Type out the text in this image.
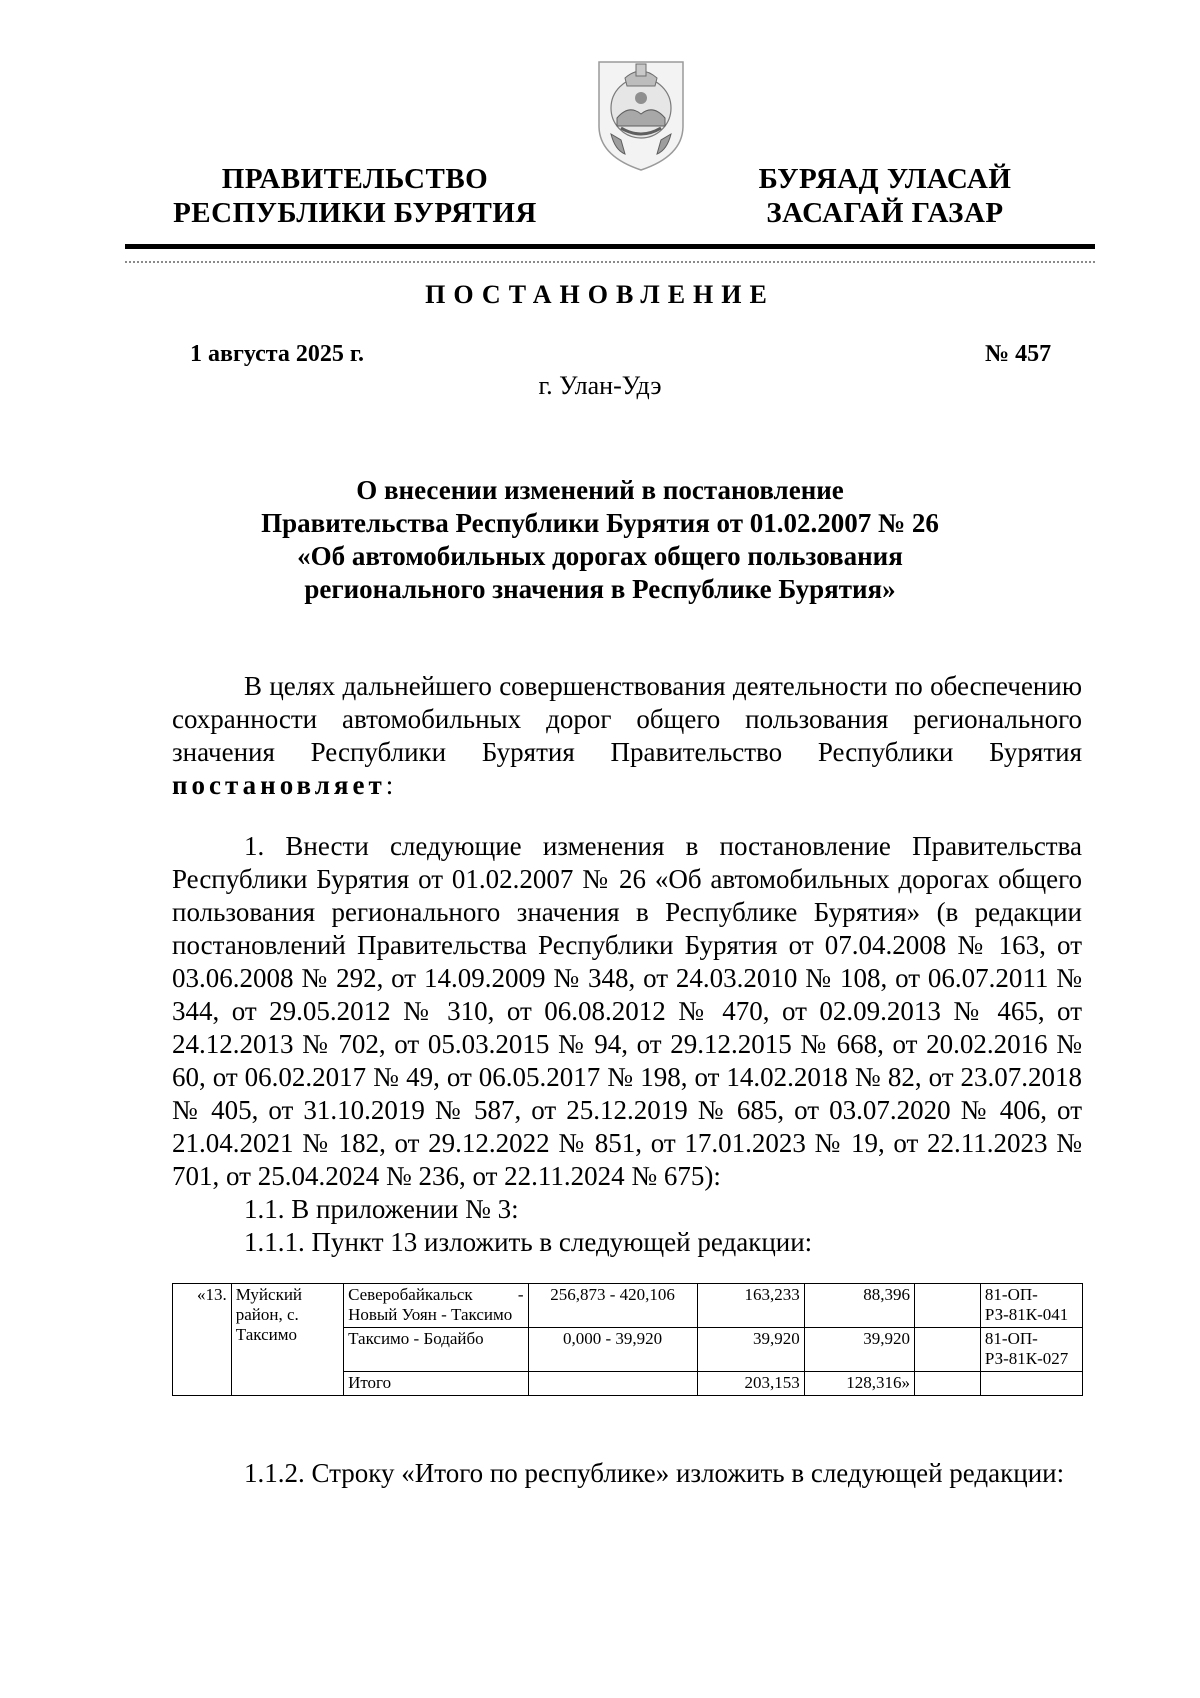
ПРАВИТЕЛЬСТВО
РЕСПУБЛИКИ БУРЯТИЯ
БУРЯАД УЛАСАЙ
ЗАСАГАЙ ГАЗАР
ПОСТАНОВЛЕНИЕ
1 августа 2025 г.	№ 457
г. Улан-Удэ
О внесении изменений в постановление
Правительства Республики Бурятия от 01.02.2007 № 26
«Об автомобильных дорогах общего пользования
регионального значения в Республике Бурятия»
В целях дальнейшего совершенствования деятельности по обеспечению сохранности автомобильных дорог общего пользования регионального значения Республики Бурятия Правительство Республики Бурятия постановляет:
1. Внести следующие изменения в постановление Правительства Республики Бурятия от 01.02.2007 № 26 «Об автомобильных дорогах общего пользования регионального значения в Республике Бурятия» (в редакции постановлений Правительства Республики Бурятия от 07.04.2008 № 163, от 03.06.2008 № 292, от 14.09.2009 № 348, от 24.03.2010 № 108, от 06.07.2011 № 344, от 29.05.2012 № 310, от 06.08.2012 № 470, от 02.09.2013 № 465, от 24.12.2013 № 702, от 05.03.2015 № 94, от 29.12.2015 № 668, от 20.02.2016 № 60, от 06.02.2017 № 49, от 06.05.2017 № 198, от 14.02.2018 № 82, от 23.07.2018 № 405, от 31.10.2019 № 587, от 25.12.2019 № 685, от 03.07.2020 № 406, от 21.04.2021 № 182, от 29.12.2022 № 851, от 17.01.2023 № 19, от 22.11.2023 № 701, от 25.04.2024 № 236, от 22.11.2024 № 675):
1.1. В приложении № 3:
1.1.1. Пункт 13 изложить в следующей редакции:
«13.	Муйский район, с. Таксимо	Северобайкальск - Новый Уоян - Таксимо	256,873 - 420,106	163,233	88,396		81-ОП-РЗ-81К-041
		Таксимо - Бодайбо	0,000 - 39,920	39,920	39,920		81-ОП-РЗ-81К-027
		Итого		203,153	128,316»		
1.1.2. Строку «Итого по республике» изложить в следующей редакции:
